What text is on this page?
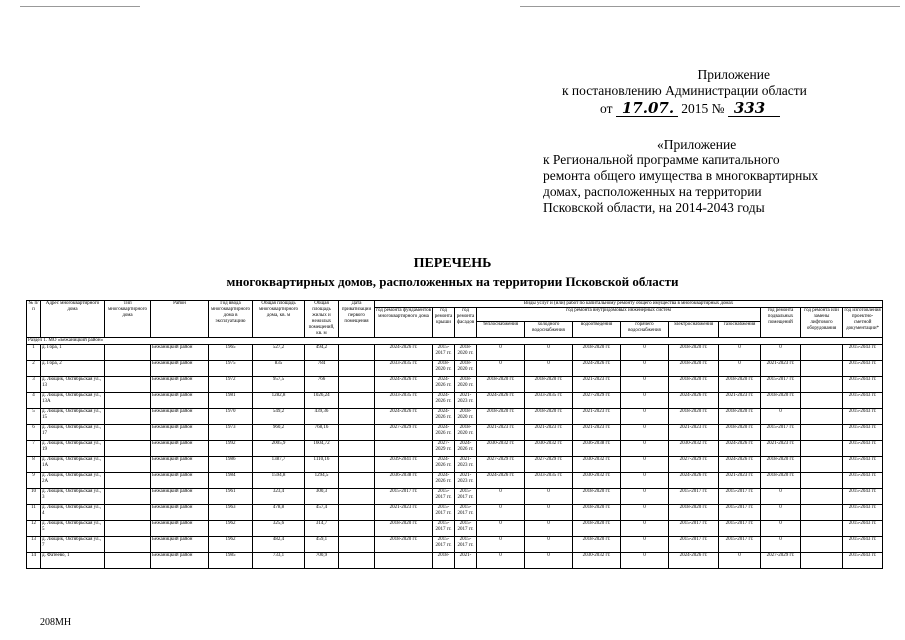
Приложение
к постановлению Администрации области
от 17.07. 2015 № 333
«Приложение
к Региональной программе капитального
ремонта общего имущества в многоквартирных
домах, расположенных на территории
Псковской области, на 2014-2043 годы
ПЕРЕЧЕНЬ
многоквартирных домов, расположенных на территории Псковской области
№ п/п	Адрес многоквартирного дома	Тип многоквартирного дома	Район	Год ввода многоквартирного дома в эксплуатацию	Общая площадь многоквартирного дома, кв. м	Общая площадь жилых и нежилых помещений, кв. м	Дата приватизации первого помещения	Виды услуг и (или) работ по капитальному ремонту общего имущества в многоквартирных домах											
								год ремонта фундаментов многоквартирного дома	год ремонта крыши	год ремонта фасадов	год ремонта внутридомовых инженерных систем						год ремонта подвальных помещений	год ремонта или замены лифтового оборудования	год изготовления проектно-сметной документации*
											теплоснабжения	холодного водоснабжения	водоотведения	горячего водоснабжения	электроснабжения	газоснабжения			
Раздел 1. МО «Бежаницкий район»																			
1	д. Гора, 1		Бежаницкий район	1965	527,2	494,2		2024-2026 гг.	2015-2017 гг.	2018-2020 гг.	0	0	2018-2020 гг.	0	2018-2020 гг.	0	0		2015-2043 гг.
2	д. Гора, 2		Бежаницкий район	1975	835	784		2033-2035 гг.	2018-2020 гг.	2018-2020 гг.	0	0	2024-2026 гг.	0	2018-2020 гг.	0	2021-2023 гг.		2015-2043 гг.
3	д. Лющик, Октябрьская ул., 13		Бежаницкий район	1972	957,5	766		2024-2026 гг.	2024-2026 гг.	2018-2020 гг.	2018-2020 гг.	2018-2020 гг.	2021-2023 гг.	0	2018-2020 гг.	2018-2020 гг.	2015-2017 гг.		2015-2043 гг.
4	д. Лющик, Октябрьская ул., 13А		Бежаницкий район	1981	1282,8	1026,24		2033-2035 гг.	2024-2026 гг.	2021-2023 гг.	2024-2026 гг.	2033-2035 гг.	2027-2029 гг.	0	2024-2026 гг.	2021-2023 гг.	2018-2020 гг.		2015-2043 гг.
5	д. Лющик, Октябрьская ул., 15		Бежаницкий район	1970	549,2	439,36		2024-2026 гг.	2024-2026 гг.	2018-2020 гг.	2018-2020 гг.	2018-2020 гг.	2021-2023 гг.	0	2018-2020 гг.	2018-2020 гг.	0		2015-2043 гг.
6	д. Лющик, Октябрьская ул., 17		Бежаницкий район	1973	960,2	768,16		2027-2029 гг.	2024-2026 гг.	2018-2020 гг.	2021-2023 гг.	2021-2023 гг.	2021-2023 гг.	0	2021-2023 гг.	2018-2020 гг.	2015-2017 гг.		2015-2043 гг.
7	д. Лющик, Октябрьская ул., 19		Бежаницкий район	1992	2005,9	1604,72			2027-2029 гг.	2024-2026 гг.	2030-2032 гг.	2030-2032 гг.	2036-2038 гг.	0	2030-2032 гг.	2024-2026 гг.	2021-2023 гг.		2015-2043 гг.
8	д. Лющик, Октябрьская ул., 1А		Бежаницкий район	1986	1387,7	1110,16		2039-2041 гг.	2024-2026 гг.	2021-2023 гг.	2027-2029 гг.	2027-2029 гг.	2030-2032 гг.	0	2027-2029 гг.	2024-2026 гг.	2018-2020 гг.		2015-2043 гг.
9	д. Лющик, Октябрьская ул., 2А		Бежаницкий район	1984	1594,8	1294,5		2036-2038 гг.	2024-2026 гг.	2021-2023 гг.	2024-2026 гг.	2033-2035 гг.	2030-2032 гг.	0	2024-2026 гг.	2021-2023 гг.	2018-2020 гг.		2015-2043 гг.
10	д. Лющик, Октябрьская ул., 3		Бежаницкий район	1961	323,4	300,3		2015-2017 гг.	2015-2017 гг.	2015-2017 гг.	0	0	2018-2020 гг.	0	2015-2017 гг.	2015-2017 гг.	0		2015-2043 гг.
11	д. Лющик, Октябрьская ул., 4		Бежаницкий район	1963	478,8	457,4		2021-2023 гг.	2015-2017 гг.	2015-2017 гг.	0	0	2018-2020 гг.	0	2018-2020 гг.	2015-2017 гг.	0		2015-2043 гг.
12	д. Лющик, Октябрьская ул., 5		Бежаницкий район	1962	325,6	314,7		2018-2020 гг.	2015-2017 гг.	2015-2017 гг.	0	0	2018-2020 гг.	0	2015-2017 гг.	2015-2017 гг.	0		2015-2043 гг.
13	д. Лющик, Октябрьская ул., 7		Бежаницкий район	1962	482,4	459,1		2018-2020 гг.	2015-2017 гг.	2015-2017 гг.	0	0	2018-2020 гг.	0	2015-2017 гг.	2015-2017 гг.	0		2015-2043 гг.
14	д. Фатеево, 1		Бежаницкий район	1985	733,1	700,9			2018-	2021-	0	0	2030-2032 гг.	0	2024-2026 гг.	0	2027-2029 гг.		2015-2043 гг.
208МН
